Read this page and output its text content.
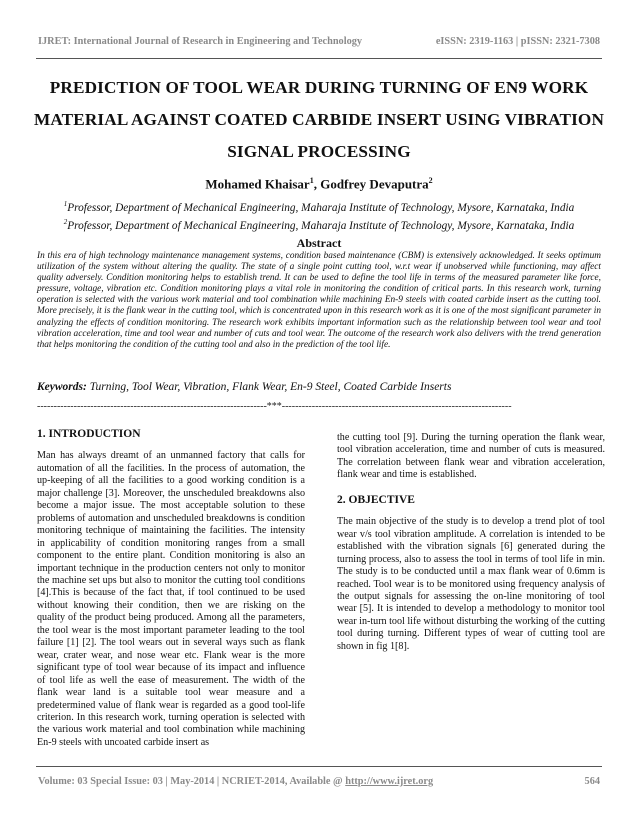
IJRET: International Journal of Research in Engineering and Technology	eISSN: 2319-1163 | pISSN: 2321-7308
PREDICTION OF TOOL WEAR DURING TURNING OF EN9 WORK MATERIAL AGAINST COATED CARBIDE INSERT USING VIBRATION SIGNAL PROCESSING
Mohamed Khaisar$^1$, Godfrey Devaputra$^2$
$^1$Professor, Department of Mechanical Engineering, Maharaja Institute of Technology, Mysore, Karnataka, India
$^2$Professor, Department of Mechanical Engineering, Maharaja Institute of Technology, Mysore, Karnataka, India
Abstract
In this era of high technology maintenance management systems, condition based maintenance (CBM) is extensively acknowledged. It seeks optimum utilization of the system without altering the quality. The state of a single point cutting tool, w.r.t wear if unobserved while functioning, may affect quality adversely. Condition monitoring helps to establish trend. It can be used to define the tool life in terms of the measured parameter like force, pressure, voltage, vibration etc. Condition monitoring plays a vital role in monitoring the condition of critical parts. In this research work, turning operation is selected with the various work material and tool combination while machining En-9 steels with coated carbide insert as the cutting tool. More precisely, it is the flank wear in the cutting tool, which is concentrated upon in this research work as it is one of the most significant parameter in analyzing the effects of condition monitoring. The research work exhibits important information such as the relationship between tool wear and tool vibration acceleration, time and tool wear and number of cuts and tool wear. The outcome of the research work also delivers with the trend generation that helps monitoring the condition of the cutting tool and also in the prediction of the tool life.
Keywords: Turning, Tool Wear, Vibration, Flank Wear, En-9 Steel, Coated Carbide Inserts
---------------------------------------------------------------------***---------------------------------------------------------------------
1. INTRODUCTION

Man has always dreamt of an unmanned factory that calls for automation of all the facilities. In the process of automation, the up-keeping of all the facilities to a good working condition is a major challenge [3]. Moreover, the unscheduled breakdowns also become a major issue. The most acceptable solution to these problems of automation and unscheduled breakdowns is condition monitoring technique of maintaining the facilities. The intensity in applicability of condition monitoring ranges from a small component to the entire plant. Condition monitoring is also an important technique in the production centers not only to monitor the machine set ups but also to monitor the cutting tool conditions [4].This is because of the fact that, if tool continued to be used without knowing their condition, then we are risking on the quality of the product being produced. Among all the parameters, the tool wear is the most important parameter leading to the tool failure [1] [2]. The tool wears out in several ways such as flank wear, crater wear, and nose wear etc. Flank wear is the more significant type of tool wear because of its impact and influence of tool life as well the ease of measurement. The width of the flank wear land is a suitable tool wear measure and a predetermined value of flank wear is regarded as a good tool-life criterion. In this research work, turning operation is selected with the various work material and tool combination while machining En-9 steels with uncoated carbide insert as

the cutting tool [9]. During the turning operation the flank wear, tool vibration acceleration, time and number of cuts is measured. The correlation between flank wear and vibration acceleration, flank wear and time is established.

2. OBJECTIVE

The main objective of the study is to develop a trend plot of tool wear v/s tool vibration amplitude. A correlation is intended to be established with the vibration signals [6] generated during the turning process, also to assess the tool in terms of tool life in min. The study is to be conducted until a max flank wear of 0.6mm is reached. Tool wear is to be monitored using frequency analysis of the output signals for assessing the on-line monitoring of tool wear [5]. It is intended to develop a methodology to monitor tool wear in-turn tool life without disturbing the working of the cutting tool during turning. Different types of wear of cutting tool are shown in fig 1[8].

Volume: 03 Special Issue: 03 | May-2014 | NCRIET-2014, Available @ http://www.ijret.org	564
